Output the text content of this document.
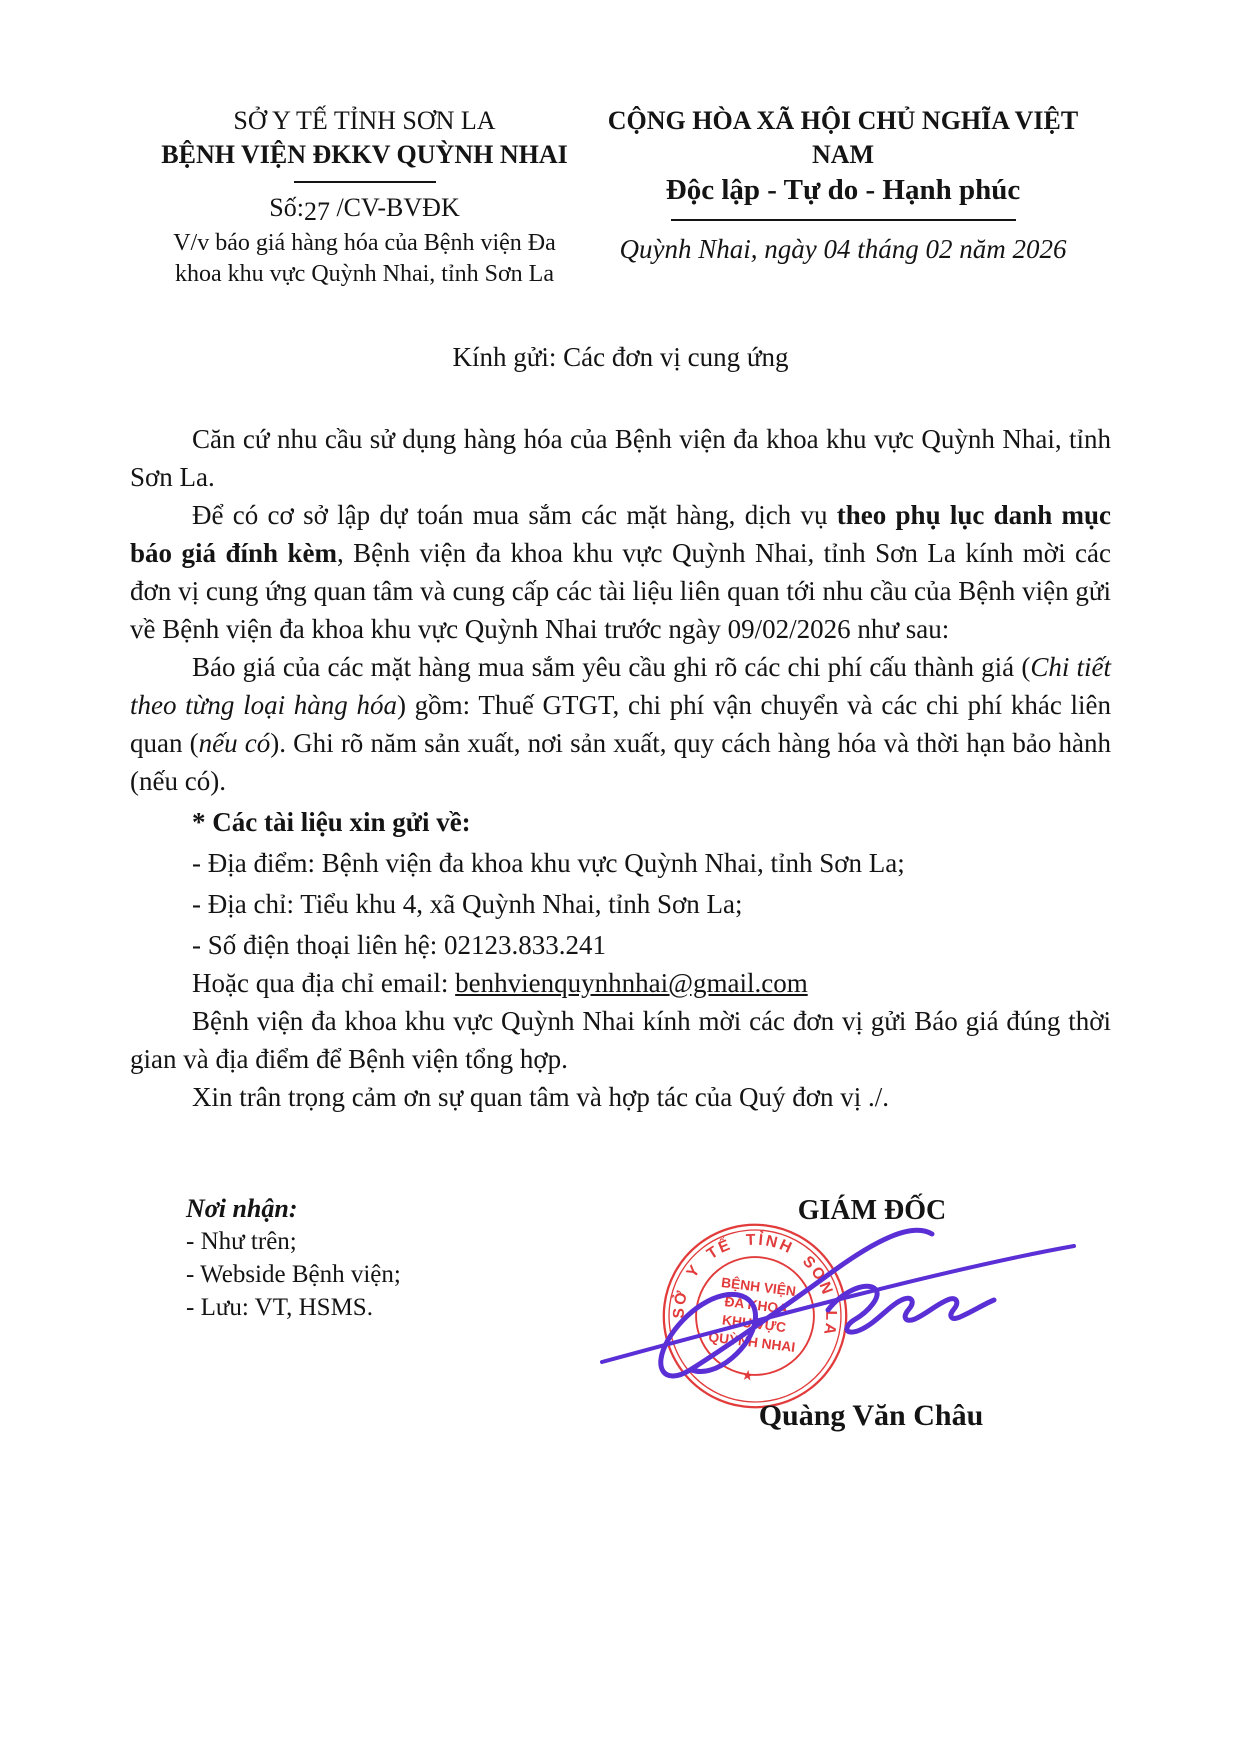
SỞ Y TẾ TỈNH SƠN LA
BỆNH VIỆN ĐKKV QUỲNH NHAI
Số:27 /CV-BVĐK
V/v báo giá hàng hóa của Bệnh viện Đa khoa khu vực Quỳnh Nhai, tỉnh Sơn La
CỘNG HÒA XÃ HỘI CHỦ NGHĨA VIỆT NAM
Độc lập - Tự do - Hạnh phúc
Quỳnh Nhai, ngày 04 tháng 02 năm 2026
Kính gửi: Các đơn vị cung ứng

Căn cứ nhu cầu sử dụng hàng hóa của Bệnh viện đa khoa khu vực Quỳnh Nhai, tỉnh Sơn La.

Để có cơ sở lập dự toán mua sắm các mặt hàng, dịch vụ theo phụ lục danh mục báo giá đính kèm, Bệnh viện đa khoa khu vực Quỳnh Nhai, tỉnh Sơn La kính mời các đơn vị cung ứng quan tâm và cung cấp các tài liệu liên quan tới nhu cầu của Bệnh viện gửi về Bệnh viện đa khoa khu vực Quỳnh Nhai trước ngày 09/02/2026 như sau:

Báo giá của các mặt hàng mua sắm yêu cầu ghi rõ các chi phí cấu thành giá (Chi tiết theo từng loại hàng hóa) gồm: Thuế GTGT, chi phí vận chuyển và các chi phí khác liên quan (nếu có). Ghi rõ năm sản xuất, nơi sản xuất, quy cách hàng hóa và thời hạn bảo hành (nếu có).

* Các tài liệu xin gửi về:

- Địa điểm: Bệnh viện đa khoa khu vực Quỳnh Nhai, tỉnh Sơn La;

- Địa chỉ: Tiểu khu 4, xã Quỳnh Nhai, tỉnh Sơn La;

- Số điện thoại liên hệ: 02123.833.241

Hoặc qua địa chỉ email: benhvienquynhnhai@gmail.com

Bệnh viện đa khoa khu vực Quỳnh Nhai kính mời các đơn vị gửi Báo giá đúng thời gian và địa điểm để Bệnh viện tổng hợp.

Xin trân trọng cảm ơn sự quan tâm và hợp tác của Quý đơn vị ./.

Nơi nhận:
- Như trên;
- Webside Bệnh viện;
- Lưu: VT, HSMS.
GIÁM ĐỐC
SỞ Y TẾ TỈNH SƠN LA
★
BỆNH VIỆN
ĐA KHOA
KHU VỰC
QUỲNH NHAI
Quàng Văn Châu
